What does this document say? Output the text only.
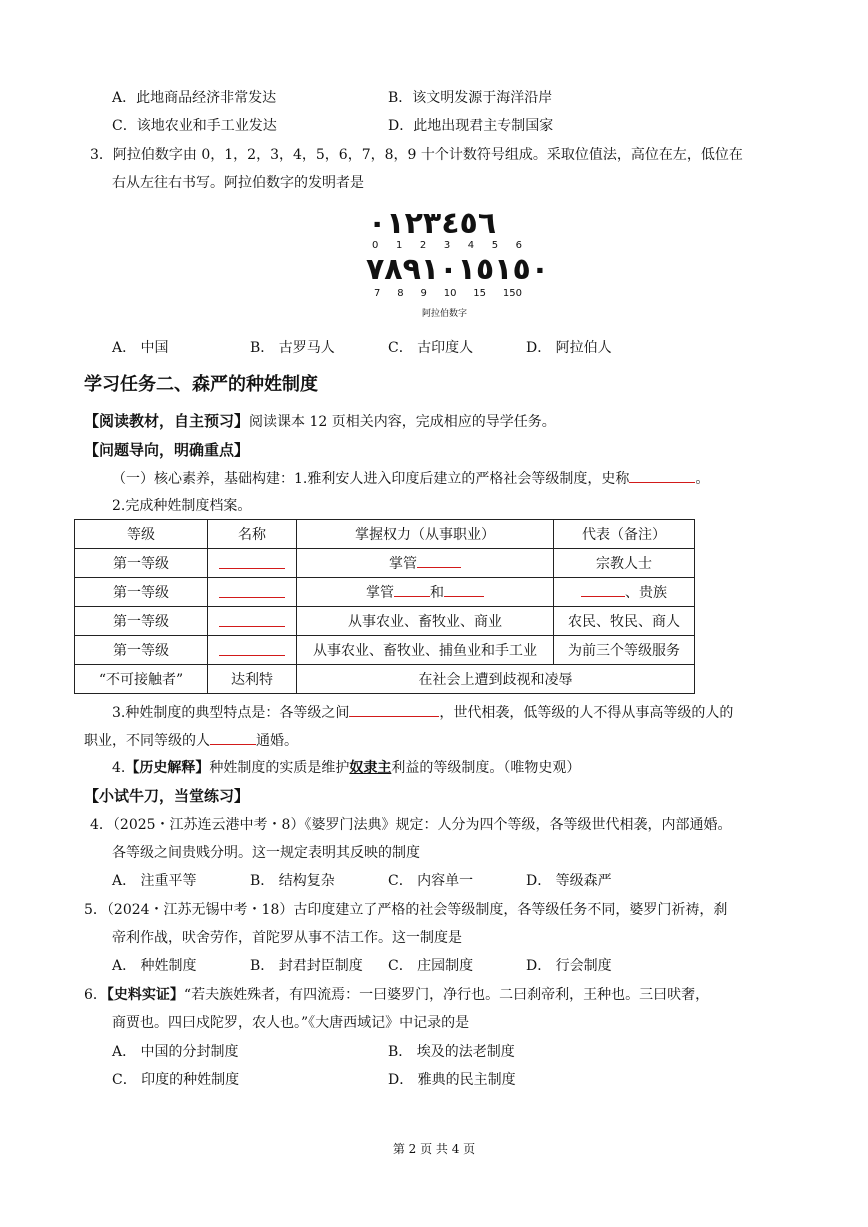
A．此地商品经济非常发达	B．该文明发源于海洋沿岸
C．该地农业和手工业发达	D．此地出现君主专制国家
3．阿拉伯数字由 0，1，2，3，4，5，6，7，8，9 十个计数符号组成。采取位值法，高位在左，低位在
右从左往右书写。阿拉伯数字的发明者是
٠١٢٣٤٥٦
0 1 2 3 4 5 6
٧٨٩١٠١٥١٥٠
7 8 9 10 15 150
阿拉伯数字
A． 中国	B． 古罗马人	C． 古印度人	D． 阿拉伯人
学习任务二、森严的种姓制度
【阅读教材，自主预习】阅读课本 12 页相关内容，完成相应的导学任务。
【问题导向，明确重点】
（一）核心素养，基础构建：1.雅利安人进入印度后建立的严格社会等级制度，史称	。
2.完成种姓制度档案。
等级	名称	掌握权力（从事职业）	代表（备注）
第一等级		掌管	宗教人士
第一等级		掌管 和	、贵族
第一等级		从事农业、畜牧业、商业	农民、牧民、商人
第一等级		从事农业、畜牧业、捕鱼业和手工业	为前三个等级服务
“不可接触者”	达利特	在社会上遭到歧视和凌辱	
3.种姓制度的典型特点是：各等级之间	，世代相袭，低等级的人不得从事高等级的人的
职业，不同等级的人	通婚。
4.【历史解释】种姓制度的实质是维护奴隶主利益的等级制度。（唯物史观）
【小试牛刀，当堂练习】
4．（2025・江苏连云港中考・8）《婆罗门法典》规定：人分为四个等级，各等级世代相袭，内部通婚。
各等级之间贵贱分明。这一规定表明其反映的制度
A． 注重平等	B． 结构复杂	C． 内容单一	D． 等级森严
5．（2024・江苏无锡中考・18）古印度建立了严格的社会等级制度，各等级任务不同，婆罗门祈祷，刹
帝利作战，吠舍劳作，首陀罗从事不洁工作。这一制度是
A． 种姓制度	B． 封君封臣制度 C． 庄园制度	D． 行会制度
6．【史料实证】“若夫族姓殊者，有四流焉：一曰婆罗门，净行也。二曰刹帝利，王种也。三曰吠奢，
商贾也。四曰戍陀罗，农人也。”《大唐西域记》中记录的是
A． 中国的分封制度	B． 埃及的法老制度
C． 印度的种姓制度	D． 雅典的民主制度
第 2 页 共 4 页
